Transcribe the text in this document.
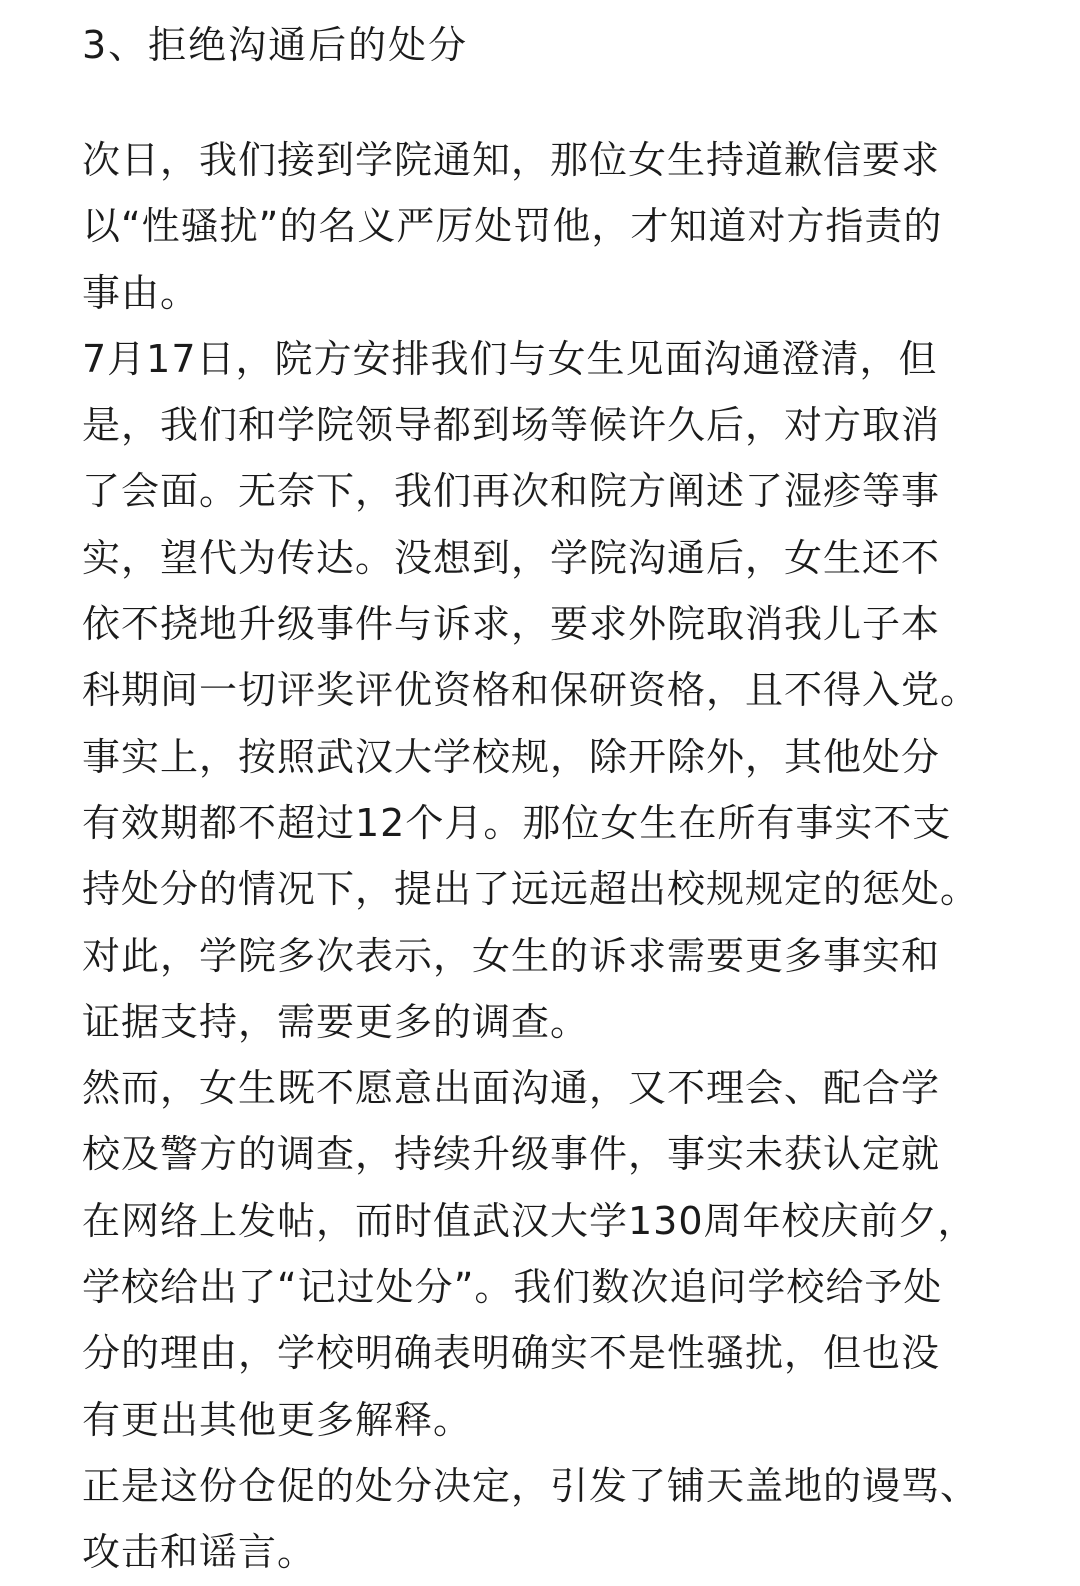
3、拒绝沟通后的处分

次日，我们接到学院通知，那位女生持道歉信要求

以“性骚扰”的名义严厉处罚他，才知道对方指责的

事由。

7月17日，院方安排我们与女生见面沟通澄清，但

是，我们和学院领导都到场等候许久后，对方取消

了会面。无奈下，我们再次和院方阐述了湿疹等事

实，望代为传达。没想到，学院沟通后，女生还不

依不挠地升级事件与诉求，要求外院取消我儿子本

科期间一切评奖评优资格和保研资格，且不得入党。

事实上，按照武汉大学校规，除开除外，其他处分

有效期都不超过12个月。那位女生在所有事实不支

持处分的情况下，提出了远远超出校规规定的惩处。

对此，学院多次表示，女生的诉求需要更多事实和

证据支持，需要更多的调查。

然而，女生既不愿意出面沟通，又不理会、配合学

校及警方的调查，持续升级事件，事实未获认定就

在网络上发帖，而时值武汉大学130周年校庆前夕，

学校给出了“记过处分”。我们数次追问学校给予处

分的理由，学校明确表明确实不是性骚扰，但也没

有更出其他更多解释。

正是这份仓促的处分决定，引发了铺天盖地的谩骂、

攻击和谣言。
